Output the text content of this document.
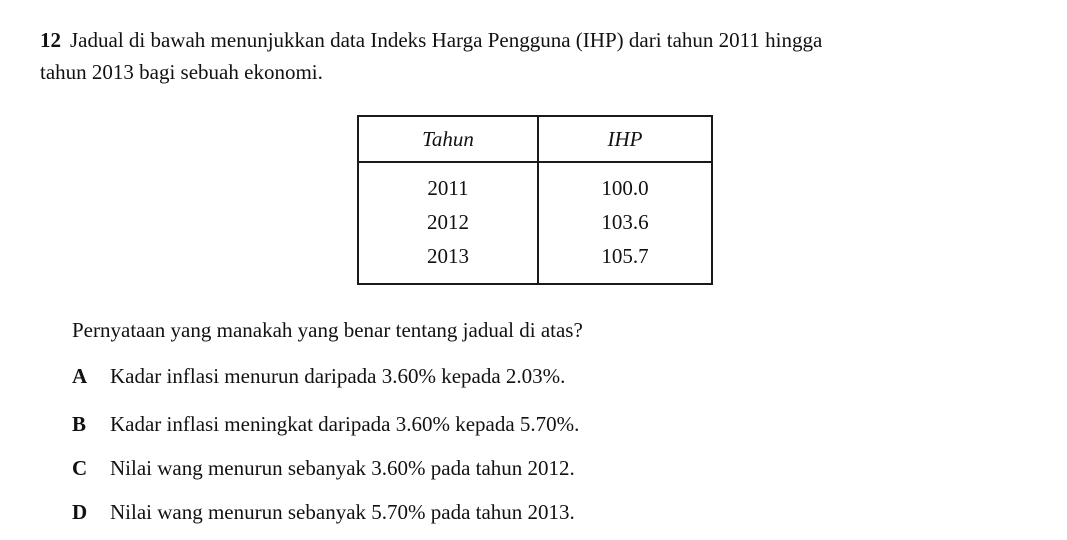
12 Jadual di bawah menunjukkan data Indeks Harga Pengguna (IHP) dari tahun 2011 hingga
tahun 2013 bagi sebuah ekonomi.
Tahun	IHP
2011	100.0
2012	103.6
2013	105.7
Pernyataan yang manakah yang benar tentang jadual di atas?
A Kadar inflasi menurun daripada 3.60% kepada 2.03%.
B Kadar inflasi meningkat daripada 3.60% kepada 5.70%.
C Nilai wang menurun sebanyak 3.60% pada tahun 2012.
D Nilai wang menurun sebanyak 5.70% pada tahun 2013.
